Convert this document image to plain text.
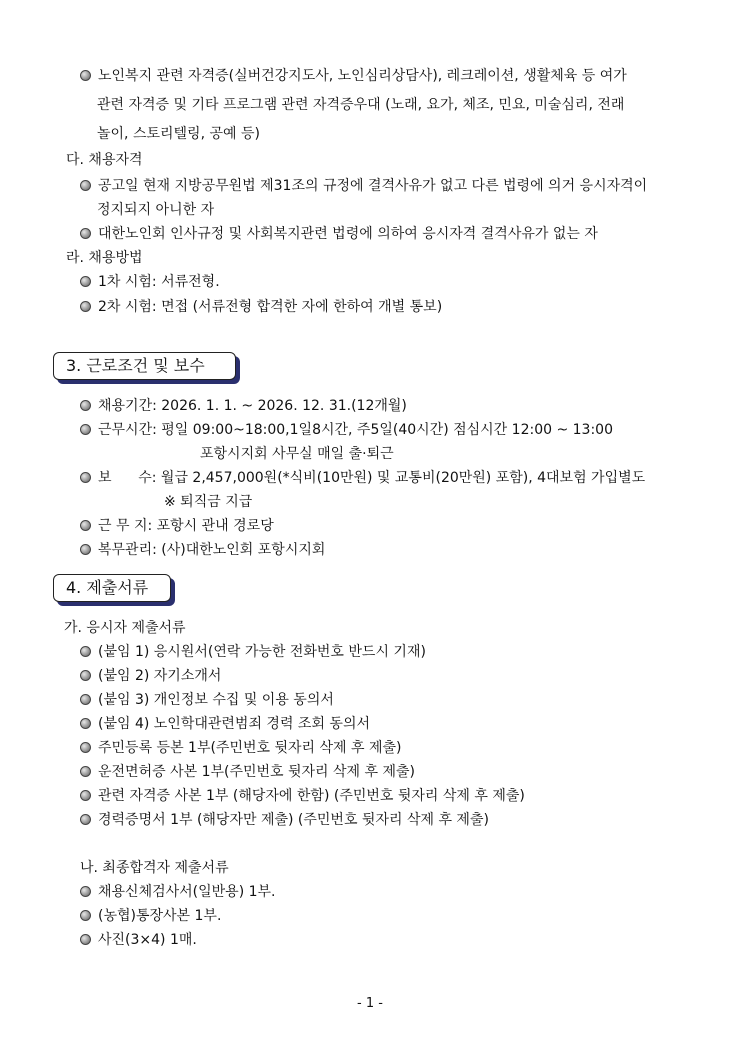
노인복지 관련 자격증(실버건강지도사, 노인심리상담사), 레크레이션, 생활체육 등 여가
관련 자격증 및 기타 프로그램 관련 자격증우대 (노래, 요가, 체조, 민요, 미술심리, 전래
놀이, 스토리텔링, 공예 등)
다. 채용자격
공고일 현재 지방공무원법 제31조의 규정에 결격사유가 없고 다른 법령에 의거 응시자격이
정지되지 아니한 자
대한노인회 인사규정 및 사회복지관련 법령에 의하여 응시자격 결격사유가 없는 자
라. 채용방법
1차 시험: 서류전형.
2차 시험: 면접 (서류전형 합격한 자에 한하여 개별 통보)
3. 근로조건 및 보수
채용기간: 2026. 1. 1. ~ 2026. 12. 31.(12개월)
근무시간: 평일 09:00~18:00,1일8시간, 주5일(40시간) 점심시간 12:00 ~ 13:00
포항시지회 사무실 매일 출·퇴근
보      수: 월급 2,457,000원(*식비(10만원) 및 교통비(20만원) 포함), 4대보험 가입별도
※ 퇴직금 지급
근 무 지: 포항시 관내 경로당
복무관리: (사)대한노인회 포항시지회
4. 제출서류
가. 응시자 제출서류
(붙임 1) 응시원서(연락 가능한 전화번호 반드시 기재)
(붙임 2) 자기소개서
(붙임 3) 개인정보 수집 및 이용 동의서
(붙임 4) 노인학대관련범죄 경력 조회 동의서
주민등록 등본 1부(주민번호 뒷자리 삭제 후 제출)
운전면허증 사본 1부(주민번호 뒷자리 삭제 후 제출)
관련 자격증 사본 1부 (해당자에 한함) (주민번호 뒷자리 삭제 후 제출)
경력증명서 1부 (해당자만 제출) (주민번호 뒷자리 삭제 후 제출)
나. 최종합격자 제출서류
채용신체검사서(일반용) 1부.
(농협)통장사본 1부.
사진(3×4) 1매.
- 1 -
